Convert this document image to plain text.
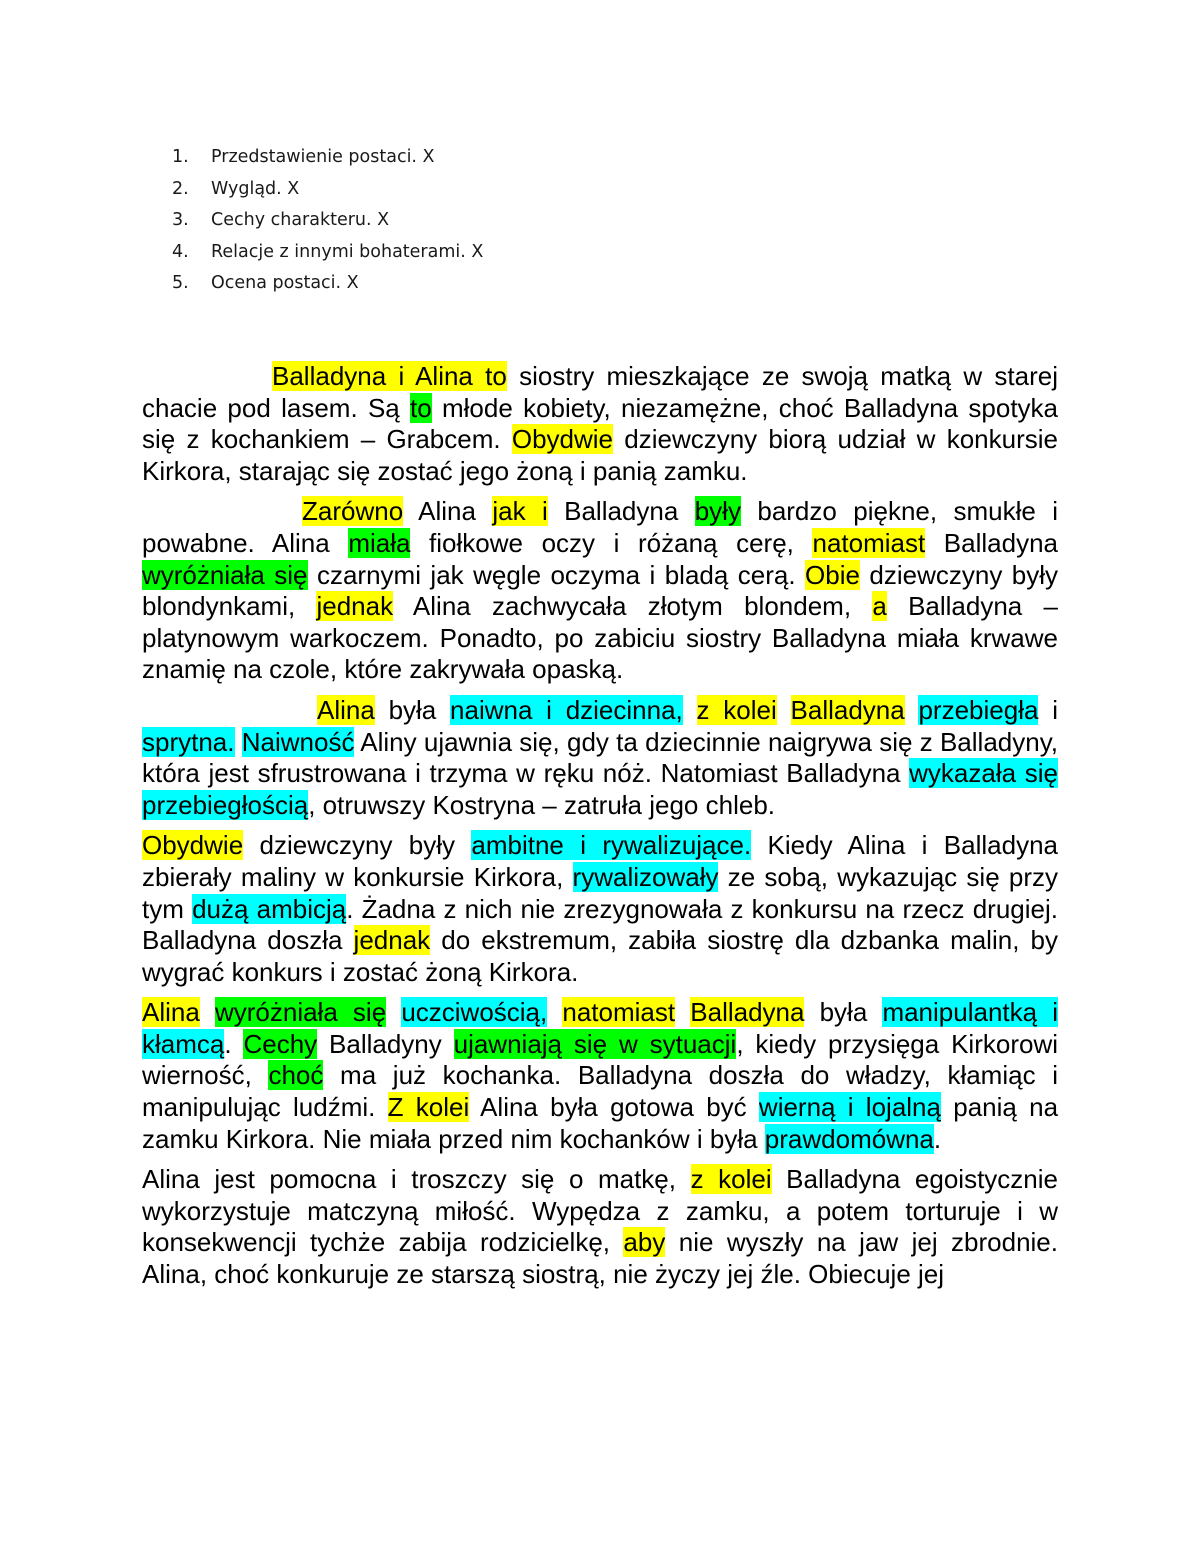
1. Przedstawienie postaci. X
2. Wygląd. X
3. Cechy charakteru. X
4. Relacje z innymi bohaterami. X
5. Ocena postaci. X

Balladyna i Alina to siostry mieszkające ze swoją matką w starej chacie pod lasem. Są to młode kobiety, niezamężne, choć Balladyna spotyka się z kochankiem – Grabcem. Obydwie dziewczyny biorą udział w konkursie Kirkora, starając się zostać jego żoną i panią zamku.

Zarówno Alina jak i Balladyna były bardzo piękne, smukłe i powabne. Alina miała fiołkowe oczy i różaną cerę, natomiast Balladyna wyróżniała się czarnymi jak węgle oczyma i bladą cerą. Obie dziewczyny były blondynkami, jednak Alina zachwycała złotym blondem, a Balladyna – platynowym warkoczem. Ponadto, po zabiciu siostry Balladyna miała krwawe znamię na czole, które zakrywała opaską.

Alina była naiwna i dziecinna, z kolei Balladyna przebiegła i sprytna. Naiwność Aliny ujawnia się, gdy ta dziecinnie naigrywa się z Balladyny, która jest sfrustrowana i trzyma w ręku nóż. Natomiast Balladyna wykazała się przebiegłością, otruwszy Kostryna – zatruła jego chleb.

Obydwie dziewczyny były ambitne i rywalizujące. Kiedy Alina i Balladyna zbierały maliny w konkursie Kirkora, rywalizowały ze sobą, wykazując się przy tym dużą ambicją. Żadna z nich nie zrezygnowała z konkursu na rzecz drugiej. Balladyna doszła jednak do ekstremum, zabiła siostrę dla dzbanka malin, by wygrać konkurs i zostać żoną Kirkora.

Alina wyróżniała się uczciwością, natomiast Balladyna była manipulantką i kłamcą. Cechy Balladyny ujawniają się w sytuacji, kiedy przysięga Kirkorowi wierność, choć ma już kochanka. Balladyna doszła do władzy, kłamiąc i manipulując ludźmi. Z kolei Alina była gotowa być wierną i lojalną panią na zamku Kirkora. Nie miała przed nim kochanków i była prawdomówna.

Alina jest pomocna i troszczy się o matkę, z kolei Balladyna egoistycznie wykorzystuje matczyną miłość. Wypędza z zamku, a potem torturuje i w konsekwencji tychże zabija rodzicielkę, aby nie wyszły na jaw jej zbrodnie. Alina, choć konkuruje ze starszą siostrą, nie życzy jej źle. Obiecuje jej
